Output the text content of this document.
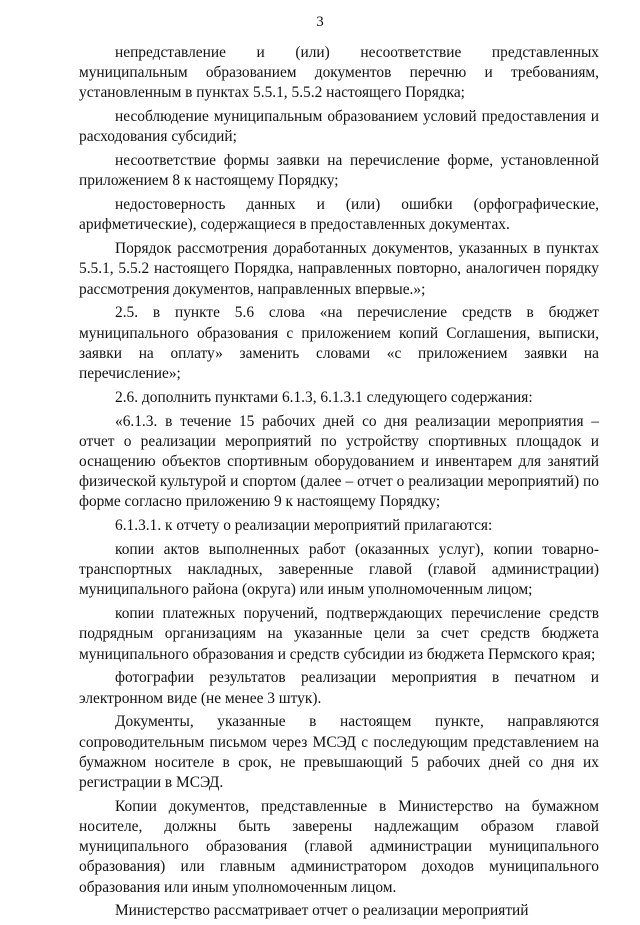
3

непредставление и (или) несоответствие представленных муниципальным образованием документов перечню и требованиям, установленным в пунктах 5.5.1, 5.5.2 настоящего Порядка;

несоблюдение муниципальным образованием условий предоставления и расходования субсидий;

несоответствие формы заявки на перечисление форме, установленной приложением 8 к настоящему Порядку;

недостоверность данных и (или) ошибки (орфографические, арифметические), содержащиеся в предоставленных документах.

Порядок рассмотрения доработанных документов, указанных в пунктах 5.5.1, 5.5.2 настоящего Порядка, направленных повторно, аналогичен порядку рассмотрения документов, направленных впервые.»;

2.5. в пункте 5.6 слова «на перечисление средств в бюджет муниципального образования с приложением копий Соглашения, выписки, заявки на оплату» заменить словами «с приложением заявки на перечисление»;

2.6. дополнить пунктами 6.1.3, 6.1.3.1 следующего содержания:

«6.1.3. в течение 15 рабочих дней со дня реализации мероприятия – отчет о реализации мероприятий по устройству спортивных площадок и оснащению объектов спортивным оборудованием и инвентарем для занятий физической культурой и спортом (далее – отчет о реализации мероприятий) по форме согласно приложению 9 к настоящему Порядку;

6.1.3.1. к отчету о реализации мероприятий прилагаются:

копии актов выполненных работ (оказанных услуг), копии товарно-транспортных накладных, заверенные главой (главой администрации) муниципального района (округа) или иным уполномоченным лицом;

копии платежных поручений, подтверждающих перечисление средств подрядным организациям на указанные цели за счет средств бюджета муниципального образования и средств субсидии из бюджета Пермского края;

фотографии результатов реализации мероприятия в печатном и электронном виде (не менее 3 штук).

Документы, указанные в настоящем пункте, направляются сопроводительным письмом через МСЭД с последующим представлением на бумажном носителе в срок, не превышающий 5 рабочих дней со дня их регистрации в МСЭД.

Копии документов, представленные в Министерство на бумажном носителе, должны быть заверены надлежащим образом главой муниципального образования (главой администрации муниципального образования) или главным администратором доходов муниципального образования или иным уполномоченным лицом.

Министерство рассматривает отчет о реализации мероприятий
